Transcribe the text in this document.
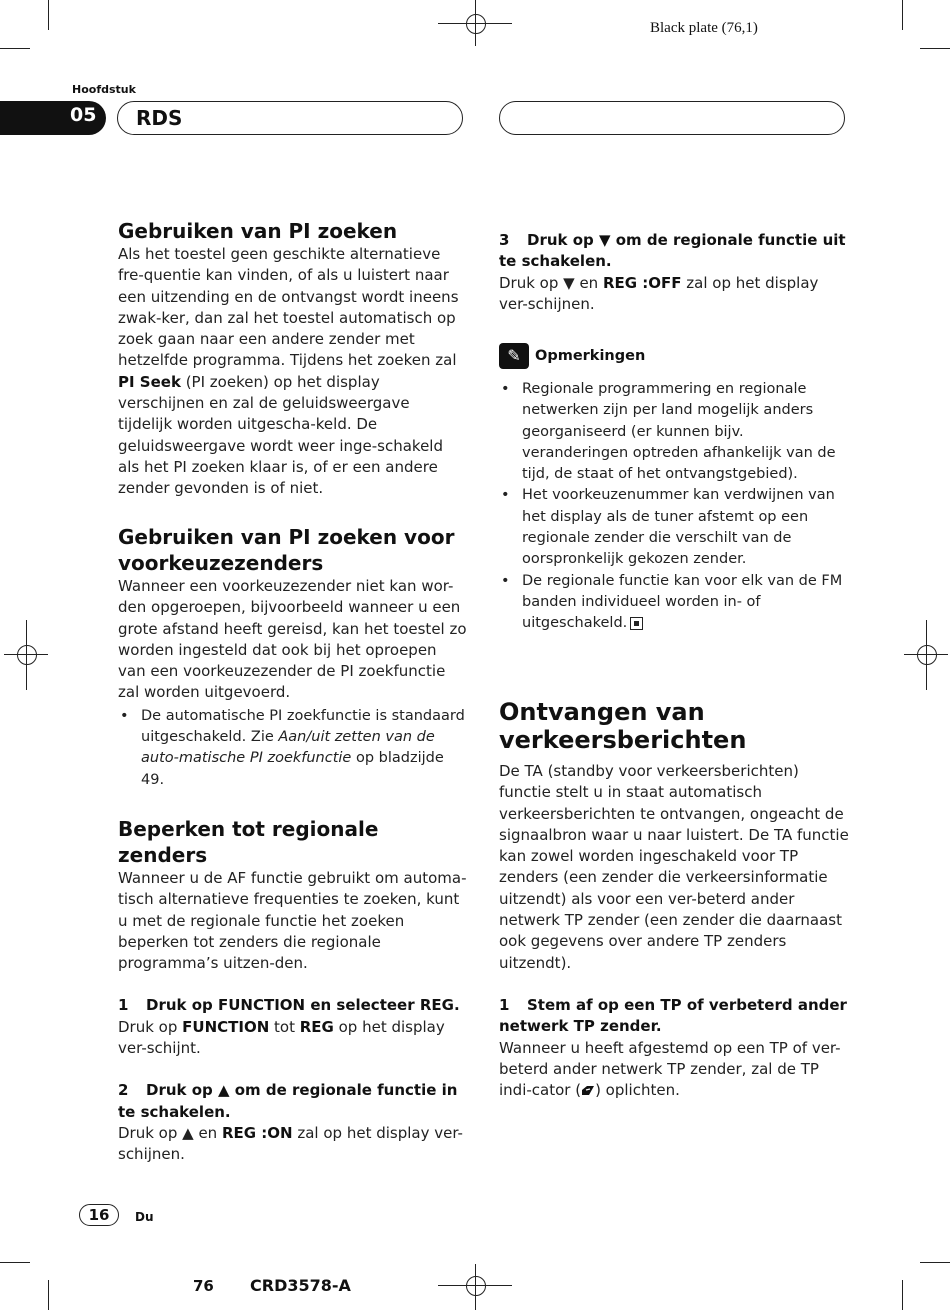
Black plate (76,1)
Hoofdstuk
05 RDS
Gebruiken van PI zoeken

Als het toestel geen geschikte alternatieve fre-quentie kan vinden, of als u luistert naar een uitzending en de ontvangst wordt ineens zwak-ker, dan zal het toestel automatisch op zoek gaan naar een andere zender met hetzelfde programma. Tijdens het zoeken zal PI Seek (PI zoeken) op het display verschijnen en zal de geluidsweergave tijdelijk worden uitgescha-keld. De geluidsweergave wordt weer inge-schakeld als het PI zoeken klaar is, of er een andere zender gevonden is of niet.

Gebruiken van PI zoeken voor voorkeuzezenders

Wanneer een voorkeuzezender niet kan wor-den opgeroepen, bijvoorbeeld wanneer u een grote afstand heeft gereisd, kan het toestel zo worden ingesteld dat ook bij het oproepen van een voorkeuzezender de PI zoekfunctie zal worden uitgevoerd.

• De automatische PI zoekfunctie is standaard uitgeschakeld. Zie Aan/uit zetten van de auto-matische PI zoekfunctie op bladzijde 49.
Beperken tot regionale zenders

Wanneer u de AF functie gebruikt om automa-tisch alternatieve frequenties te zoeken, kunt u met de regionale functie het zoeken beperken tot zenders die regionale programma’s uitzen-den.

1 Druk op FUNCTION en selecteer REG.

Druk op FUNCTION tot REG op het display ver-schijnt.

2 Druk op ▲ om de regionale functie in te schakelen.

Druk op ▲ en REG :ON zal op het display ver-schijnen.

3 Druk op ▼ om de regionale functie uit te schakelen.

Druk op ▼ en REG :OFF zal op het display ver-schijnen.

✎ Opmerkingen
• Regionale programmering en regionale netwerken zijn per land mogelijk anders georganiseerd (er kunnen bijv. veranderingen optreden afhankelijk van de tijd, de staat of het ontvangstgebied).
• Het voorkeuzenummer kan verdwijnen van het display als de tuner afstemt op een regionale zender die verschilt van de oorspronkelijk gekozen zender.
• De regionale functie kan voor elk van de FM banden individueel worden in- of uitgeschakeld.
Ontvangen van verkeersberichten

De TA (standby voor verkeersberichten) functie stelt u in staat automatisch verkeersberichten te ontvangen, ongeacht de signaalbron waar u naar luistert. De TA functie kan zowel worden ingeschakeld voor TP zenders (een zender die verkeersinformatie uitzendt) als voor een ver-beterd ander netwerk TP zender (een zender die daarnaast ook gegevens over andere TP zenders uitzendt).

1 Stem af op een TP of verbeterd ander netwerk TP zender.

Wanneer u heeft afgestemd op een TP of ver-beterd ander netwerk TP zender, zal de TP indi-cator ( ) oplichten.

16	Du
76 CRD3578-A
